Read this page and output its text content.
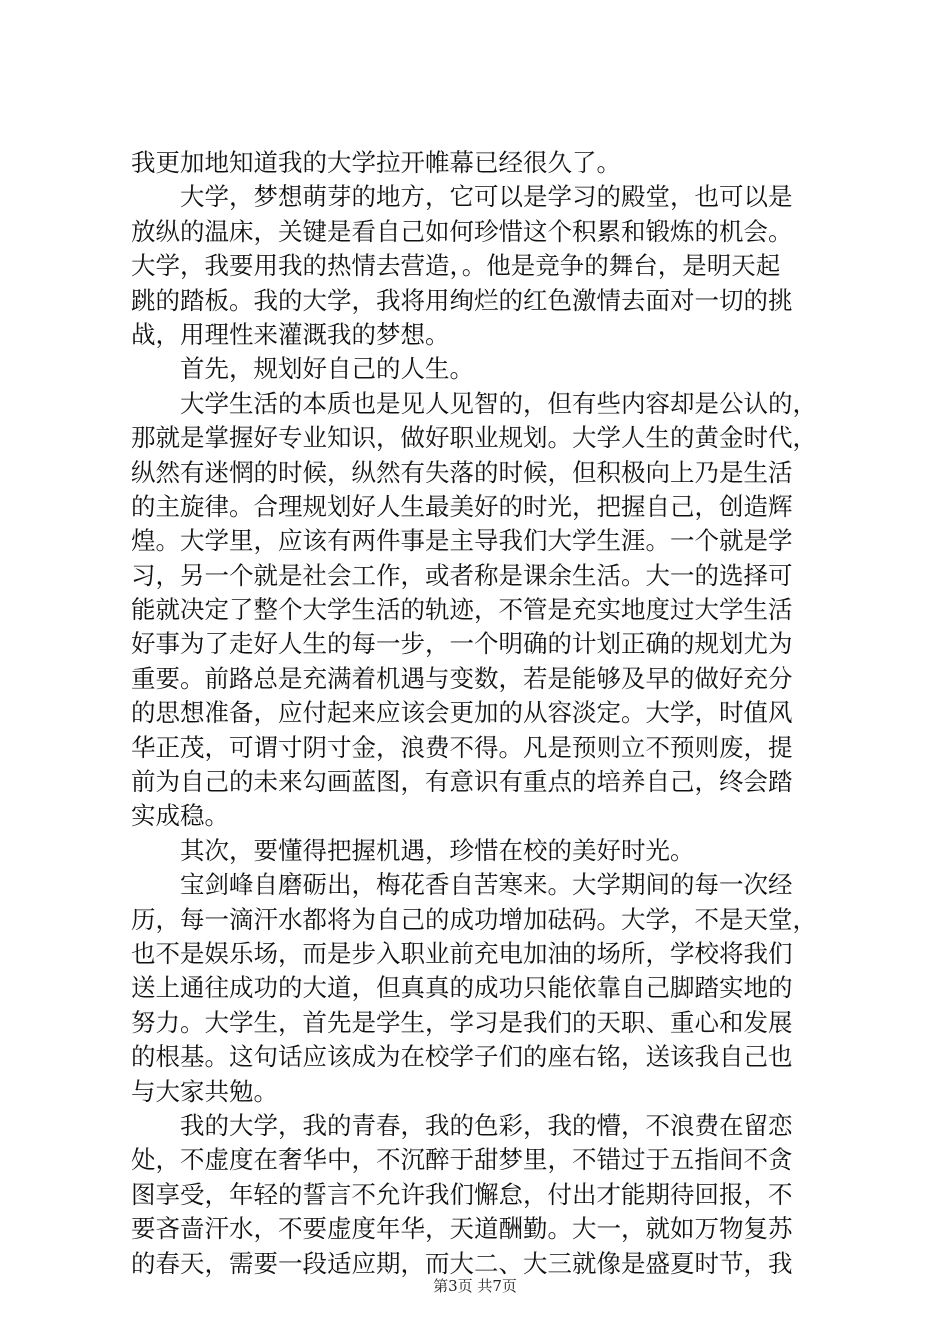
我更加地知道我的大学拉开帷幕已经很久了。
　　大学，梦想萌芽的地方，它可以是学习的殿堂，也可以是
放纵的温床，关键是看自己如何珍惜这个积累和锻炼的机会。
大学，我要用我的热情去营造，。他是竞争的舞台，是明天起
跳的踏板。我的大学，我将用绚烂的红色激情去面对一切的挑
战，用理性来灌溉我的梦想。
　　首先，规划好自己的人生。
　　大学生活的本质也是见人见智的，但有些内容却是公认的，
那就是掌握好专业知识，做好职业规划。大学人生的黄金时代，
纵然有迷惘的时候，纵然有失落的时候，但积极向上乃是生活
的主旋律。合理规划好人生最美好的时光，把握自己，创造辉
煌。大学里，应该有两件事是主导我们大学生涯。一个就是学
习，另一个就是社会工作，或者称是课余生活。大一的选择可
能就决定了整个大学生活的轨迹，不管是充实地度过大学生活
好事为了走好人生的每一步，一个明确的计划正确的规划尤为
重要。前路总是充满着机遇与变数，若是能够及早的做好充分
的思想准备，应付起来应该会更加的从容淡定。大学，时值风
华正茂，可谓寸阴寸金，浪费不得。凡是预则立不预则废，提
前为自己的未来勾画蓝图，有意识有重点的培养自己，终会踏
实成稳。
　　其次，要懂得把握机遇，珍惜在校的美好时光。
　　宝剑峰自磨砺出，梅花香自苦寒来。大学期间的每一次经
历，每一滴汗水都将为自己的成功增加砝码。大学，不是天堂，
也不是娱乐场，而是步入职业前充电加油的场所，学校将我们
送上通往成功的大道，但真真的成功只能依靠自己脚踏实地的
努力。大学生，首先是学生，学习是我们的天职、重心和发展
的根基。这句话应该成为在校学子们的座右铭，送该我自己也
与大家共勉。
　　我的大学，我的青春，我的色彩，我的懵，不浪费在留恋
处，不虚度在奢华中，不沉醉于甜梦里，不错过于五指间不贪
图享受，年轻的誓言不允许我们懈怠，付出才能期待回报，不
要吝啬汗水，不要虚度年华，天道酬勤。大一，就如万物复苏
的春天，需要一段适应期，而大二、大三就像是盛夏时节，我
第3页 共7页
